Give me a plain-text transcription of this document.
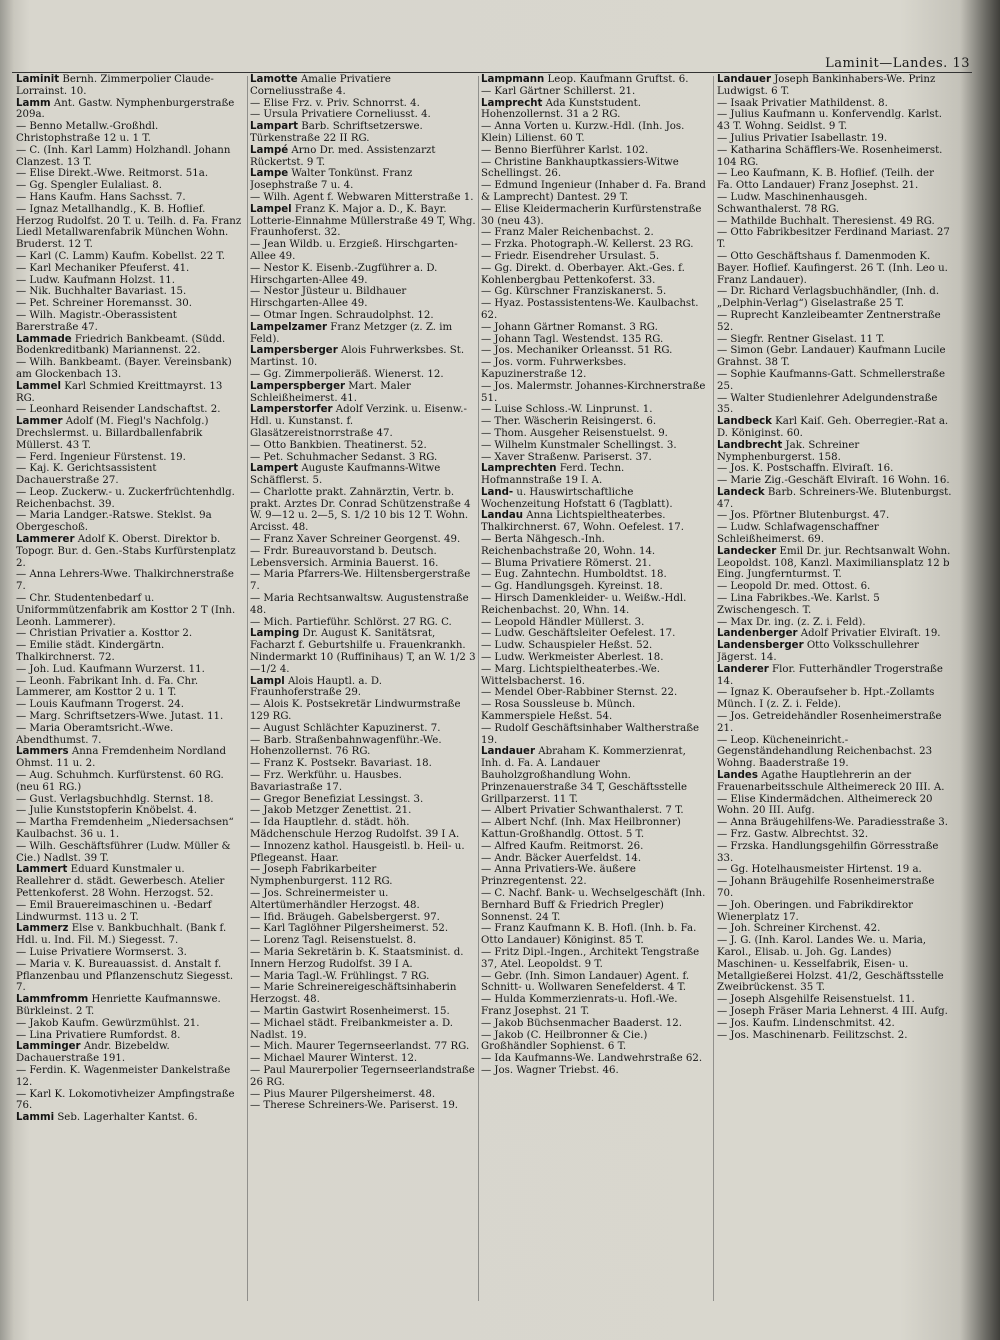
Laminit—Landes. 13

Laminit Bernh. Zimmerpolier Claude-Lorrainst. 10.

Lamm Ant. Gastw. Nymphenburgerstraße 209a.

— Benno Metallw.-Großhdl. Christophstraße 12 u. 1 T.

— C. (Inh. Karl Lamm) Holzhandl. Johann Clanzest. 13 T.

— Elise Direkt.-Wwe. Reitmorst. 51a.

— Gg. Spengler Eulaliast. 8.

— Hans Kaufm. Hans Sachsst. 7.

— Ignaz Metallhandlg., K. B. Hoflief. Herzog Rudolfst. 20 T. u. Teilh. d. Fa. Franz Liedl Metallwarenfabrik München Wohn. Bruderst. 12 T.

— Karl (C. Lamm) Kaufm. Kobellst. 22 T.

— Karl Mechaniker Pfeuferst. 41.

— Ludw. Kaufmann Holzst. 11.

— Nik. Buchhalter Bavariast. 15.

— Pet. Schreiner Horemansst. 30.

— Wilh. Magistr.-Oberassistent Barerstraße 47.

Lammade Friedrich Bankbeamt. (Südd. Bodenkreditbank) Mariannenst. 22.

— Wilh. Bankbeamt. (Bayer. Vereinsbank) am Glockenbach 13.

Lammel Karl Schmied Kreittmayrst. 13 RG.

— Leonhard Reisender Landschaftst. 2.

Lammer Adolf (M. Fiegl's Nachfolg.) Drechslermst. u. Billardballenfabrik Müllerst. 43 T.

— Ferd. Ingenieur Fürstenst. 19.

— Kaj. K. Gerichtsassistent Dachauerstraße 27.

— Leop. Zuckerw.- u. Zuckerfrüchtenhdlg. Reichenbachst. 39.

— Maria Landger.-Ratswe. Steklst. 9a Obergeschoß.

Lammerer Adolf K. Oberst. Direktor b. Topogr. Bur. d. Gen.-Stabs Kurfürstenplatz 2.

— Anna Lehrers-Wwe. Thalkirchnerstraße 7.

— Chr. Studentenbedarf u. Uniformmützenfabrik am Kosttor 2 T (Inh. Leonh. Lammerer).

— Christian Privatier a. Kosttor 2.

— Emilie städt. Kindergärtn. Thalkirchnerst. 72.

— Joh. Lud. Kaufmann Wurzerst. 11.

— Leonh. Fabrikant Inh. d. Fa. Chr. Lammerer, am Kosttor 2 u. 1 T.

— Louis Kaufmann Trogerst. 24.

— Marg. Schriftsetzers-Wwe. Jutast. 11.

— Maria Oberamtsricht.-Wwe. Abendthumst. 7.

Lammers Anna Fremdenheim Nordland Ohmst. 11 u. 2.

— Aug. Schuhmch. Kurfürstenst. 60 RG. (neu 61 RG.)

— Gust. Verlagsbuchhdlg. Sternst. 18.

— Julie Kunststopferin Knöbelst. 4.

— Martha Fremdenheim „Niedersachsen“ Kaulbachst. 36 u. 1.

— Wilh. Geschäftsführer (Ludw. Müller & Cie.) Nadlst. 39 T.

Lammert Eduard Kunstmaler u. Reallehrer d. städt. Gewerbesch. Atelier Pettenkoferst. 28 Wohn. Herzogst. 52.

— Emil Brauereimaschinen u. -Bedarf Lindwurmst. 113 u. 2 T.

Lammerz Else v. Bankbuchhalt. (Bank f. Hdl. u. Ind. Fil. M.) Siegesst. 7.

— Luise Privatiere Wormserst. 3.

— Maria v. K. Bureauassist. d. Anstalt f. Pflanzenbau und Pflanzenschutz Siegesst. 7.

Lammfromm Henriette Kaufmannswe. Bürkleinst. 2 T.

— Jakob Kaufm. Gewürzmühlst. 21.

— Lina Privatiere Rumfordst. 8.

Lamminger Andr. Bizebeldw. Dachauerstraße 191.

— Ferdin. K. Wagenmeister Dankelstraße 12.

— Karl K. Lokomotivheizer Ampfingstraße 76.

Lammi Seb. Lagerhalter Kantst. 6.

Lamotte Amalie Privatiere Corneliusstraße 4.

— Elise Frz. v. Priv. Schnorrst. 4.

— Ursula Privatiere Corneliusst. 4.

Lampart Barb. Schriftsetzerswe. Türkenstraße 22 II RG.

Lampé Arno Dr. med. Assistenzarzt Rückertst. 9 T.

Lampe Walter Tonkünst. Franz Josephstraße 7 u. 4.

— Wilh. Agent f. Webwaren Mitterstraße 1.

Lampel Franz K. Major a. D., K. Bayr. Lotterie-Einnahme Müllerstraße 49 T, Whg. Fraunhoferst. 32.

— Jean Wildb. u. Erzgieß. Hirschgarten-Allee 49.

— Nestor K. Eisenb.-Zugführer a. D. Hirschgarten-Allee 49.

— Nestor Jüsteur u. Bildhauer Hirschgarten-Allee 49.

— Otmar Ingen. Schraudolphst. 12.

Lampelzamer Franz Metzger (z. Z. im Feld).

Lampersberger Alois Fuhrwerksbes. St. Martinst. 10.

— Gg. Zimmerpolieräß. Wienerst. 12.

Lamperspberger Mart. Maler Schleißheimerst. 41.

Lamperstorfer Adolf Verzink. u. Eisenw.-Hdl. u. Kunstanst. f. Glasätzereistnorrstraße 47.

— Otto Bankbien. Theatinerst. 52.

— Pet. Schuhmacher Sedanst. 3 RG.

Lampert Auguste Kaufmanns-Witwe Schäfflerst. 5.

— Charlotte prakt. Zahnärztin, Vertr. b. prakt. Arztes Dr. Conrad Schützenstraße 4 W. 9—12 u. 2—5, S. 1/2 10 bis 12 T. Wohn. Arcisst. 48.

— Franz Xaver Schreiner Georgenst. 49.

— Frdr. Bureauvorstand b. Deutsch. Lebensversich. Arminia Bauerst. 16.

— Maria Pfarrers-We. Hiltensbergerstraße 7.

— Maria Rechtsanwaltsw. Augustenstraße 48.

— Mich. Partieführ. Schlörst. 27 RG. C.

Lamping Dr. August K. Sanitätsrat, Facharzt f. Geburtshilfe u. Frauenkrankh. Nindermarkt 10 (Ruffinihaus) T, an W. 1/2 3—1/2 4.

Lampl Alois Hauptl. a. D. Fraunhoferstraße 29.

— Alois K. Postsekretär Lindwurmstraße 129 RG.

— August Schlächter Kapuzinerst. 7.

— Barb. Straßenbahnwagenführ.-We. Hohenzollernst. 76 RG.

— Franz K. Postsekr. Bavariast. 18.

— Frz. Werkführ. u. Hausbes. Bavariastraße 17.

— Gregor Benefiziat Lessingst. 3.

— Jakob Metzger Zenettist. 21.

— Ida Hauptlehr. d. städt. höh. Mädchenschule Herzog Rudolfst. 39 I A.

— Innozenz kathol. Hausgeistl. b. Heil- u. Pflegeanst. Haar.

— Joseph Fabrikarbeiter Nymphenburgerst. 112 RG.

— Jos. Schreinermeister u. Altertümerhändler Herzogst. 48.

— Ifid. Bräugeh. Gabelsbergerst. 97.

— Karl Taglöhner Pilgersheimerst. 52.

— Lorenz Tagl. Reisenstuelst. 8.

— Maria Sekretärin b. K. Staatsminist. d. Innern Herzog Rudolfst. 39 I A.

— Maria Tagl.-W. Frühlingst. 7 RG.

— Marie Schreinereigeschäftsinhaberin Herzogst. 48.

— Martin Gastwirt Rosenheimerst. 15.

— Michael städt. Freibankmeister a. D. Nadlst. 19.

— Mich. Maurer Tegernseerlandst. 77 RG.

— Michael Maurer Winterst. 12.

— Paul Maurerpolier Tegernseerlandstraße 26 RG.

— Pius Maurer Pilgersheimerst. 48.

— Therese Schreiners-We. Pariserst. 19.

Lampmann Leop. Kaufmann Gruftst. 6.

— Karl Gärtner Schillerst. 21.

Lamprecht Ada Kunststudent. Hohenzollernst. 31 a 2 RG.

— Anna Vorten u. Kurzw.-Hdl. (Inh. Jos. Klein) Lilienst. 60 T.

— Benno Bierführer Karlst. 102.

— Christine Bankhauptkassiers-Witwe Schellingst. 26.

— Edmund Ingenieur (Inhaber d. Fa. Brand & Lamprecht) Dantest. 29 T.

— Elise Kleidermacherin Kurfürstenstraße 30 (neu 43).

— Franz Maler Reichenbachst. 2.

— Frzka. Photograph.-W. Kellerst. 23 RG.

— Friedr. Eisendreher Ursulast. 5.

— Gg. Direkt. d. Oberbayer. Akt.-Ges. f. Kohlenbergbau Pettenkoferst. 33.

— Gg. Kürschner Franziskanerst. 5.

— Hyaz. Postassistentens-We. Kaulbachst. 62.

— Johann Gärtner Romanst. 3 RG.

— Johann Tagl. Westendst. 135 RG.

— Jos. Mechaniker Orleansst. 51 RG.

— Jos. vorm. Fuhrwerksbes. Kapuzinerstraße 12.

— Jos. Malermstr. Johannes-Kirchnerstraße 51.

— Luise Schloss.-W. Linprunst. 1.

— Ther. Wäscherin Reisingerst. 6.

— Thom. Ausgeher Reisenstuelst. 9.

— Wilhelm Kunstmaler Schellingst. 3.

— Xaver Straßenw. Pariserst. 37.

Lamprechten Ferd. Techn. Hofmannstraße 19 I. A.

Land- u. Hauswirtschaftliche Wochenzeitung Hofstatt 6 (Tagblatt).

Landau Anna Lichtspieltheaterbes. Thalkirchnerst. 67, Wohn. Oefelest. 17.

— Berta Nähgesch.-Inh. Reichenbachstraße 20, Wohn. 14.

— Bluma Privatiere Römerst. 21.

— Eug. Zahntechn. Humboldtst. 18.

— Gg. Handlungsgeh. Kyreinst. 18.

— Hirsch Damenkleider- u. Weißw.-Hdl. Reichenbachst. 20, Whn. 14.

— Leopold Händler Müllerst. 3.

— Ludw. Geschäftsleiter Oefelest. 17.

— Ludw. Schauspieler Heßst. 52.

— Ludw. Werkmeister Aberlest. 18.

— Marg. Lichtspieltheaterbes.-We. Wittelsbacherst. 16.

— Mendel Ober-Rabbiner Sternst. 22.

— Rosa Soussleuse b. Münch. Kammerspiele Heßst. 54.

— Rudolf Geschäftsinhaber Waltherstraße 19.

Landauer Abraham K. Kommerzienrat, Inh. d. Fa. A. Landauer Bauholzgroßhandlung Wohn. Prinzenauerstraße 34 T, Geschäftsstelle Grillparzerst. 11 T.

— Albert Privatier Schwanthalerst. 7 T.

— Albert Nchf. (Inh. Max Heilbronner) Kattun-Großhandlg. Ottost. 5 T.

— Alfred Kaufm. Reitmorst. 26.

— Andr. Bäcker Auerfeldst. 14.

— Anna Privatiers-We. äußere Prinzregentenst. 22.

— C. Nachf. Bank- u. Wechselgeschäft (Inh. Bernhard Buff & Friedrich Pregler) Sonnenst. 24 T.

— Franz Kaufmann K. B. Hofl. (Inh. b. Fa. Otto Landauer) Königinst. 85 T.

— Fritz Dipl.-Ingen., Architekt Tengstraße 37, Atel. Leopoldst. 9 T.

— Gebr. (Inh. Simon Landauer) Agent. f. Schnitt- u. Wollwaren Senefelderst. 4 T.

— Hulda Kommerzienrats-u. Hofl.-We. Franz Josephst. 21 T.

— Jakob Büchsenmacher Baaderst. 12.

— Jakob (C. Heilbronner & Cie.) Großhändler Sophienst. 6 T.

— Ida Kaufmanns-We. Landwehrstraße 62.

— Jos. Wagner Triebst. 46.

Landauer Joseph Bankinhabers-We. Prinz Ludwigst. 6 T.

— Isaak Privatier Mathildenst. 8.

— Julius Kaufmann u. Konfervendlg. Karlst. 43 T. Wohng. Seidlst. 9 T.

— Julius Privatier Isabellastr. 19.

— Katharina Schäfflers-We. Rosenheimerst. 104 RG.

— Leo Kaufmann, K. B. Hoflief. (Teilh. der Fa. Otto Landauer) Franz Josephst. 21.

— Ludw. Maschinenhausgeh. Schwanthalerst. 78 RG.

— Mathilde Buchhalt. Theresienst. 49 RG.

— Otto Fabrikbesitzer Ferdinand Mariast. 27 T.

— Otto Geschäftshaus f. Damenmoden K. Bayer. Hoflief. Kaufingerst. 26 T. (Inh. Leo u. Franz Landauer).

— Dr. Richard Verlagsbuchhändler, (Inh. d. „Delphin-Verlag“) Giselastraße 25 T.

— Ruprecht Kanzleibeamter Zentnerstraße 52.

— Siegfr. Rentner Giselast. 11 T.

— Simon (Gebr. Landauer) Kaufmann Lucile Grahnst. 38 T.

— Sophie Kaufmanns-Gatt. Schmellerstraße 25.

— Walter Studienlehrer Adelgundenstraße 35.

Landbeck Karl Kaiſ. Geh. Oberregier.-Rat a. D. Königinst. 60.

Landbrecht Jak. Schreiner Nymphenburgerst. 158.

— Jos. K. Postschaffn. Elviraſt. 16.

— Marie Zig.-Geschäft Elviraſt. 16 Wohn. 16.

Landeck Barb. Schreiners-We. Blutenburgst. 47.

— Jos. Pförtner Blutenburgst. 47.

— Ludw. Schlafwagenschaffner Schleißheimerst. 69.

Landecker Emil Dr. jur. Rechtsanwalt Wohn. Leopoldst. 108, Kanzl. Maximiliansplatz 12 b Eing. Jungfernturmst. T.

— Leopold Dr. med. Ottost. 6.

— Lina Fabrikbes.-We. Karlst. 5 Zwischengesch. T.

— Max Dr. ing. (z. Z. i. Feld).

Landenberger Adolf Privatier Elviraſt. 19.

Landensberger Otto Volksschullehrer Jägerst. 14.

Landerer Flor. Futterhändler Trogerstraße 14.

— Ignaz K. Oberaufseher b. Hpt.-Zollamts Münch. I (z. Z. i. Felde).

— Jos. Getreidehändler Rosenheimerstraße 21.

— Leop. Kücheneinricht.-Gegenständehandlung Reichenbachst. 23 Wohng. Baaderstraße 19.

Landes Agathe Hauptlehrerin an der Frauenarbeitsschule Altheimereck 20 III. A.

— Elise Kindermädchen. Altheimereck 20 Wohn. 20 III. Aufg.

— Anna Bräugehilfens-We. Paradiesstraße 3.

— Frz. Gastw. Albrechtst. 32.

— Frzska. Handlungsgehilfin Görresstraße 33.

— Gg. Hotelhausmeister Hirtenst. 19 a.

— Johann Bräugehilfe Rosenheimerstraße 70.

— Joh. Oberingen. und Fabrikdirektor Wienerplatz 17.

— Joh. Schreiner Kirchenst. 42.

— J. G. (Inh. Karol. Landes We. u. Maria, Karol., Elisab. u. Joh. Gg. Landes) Maschinen- u. Kesselfabrik, Eisen- u. Metallgießerei Holzst. 41/2, Geschäftsstelle Zweibrückenst. 35 T.

— Joseph Alsgehilfe Reisenstuelst. 11.

— Joseph Fräser Maria Lehnerst. 4 III. Aufg.

— Jos. Kaufm. Lindenschmitst. 42.

— Jos. Maschinenarb. Feilitzschst. 2.
